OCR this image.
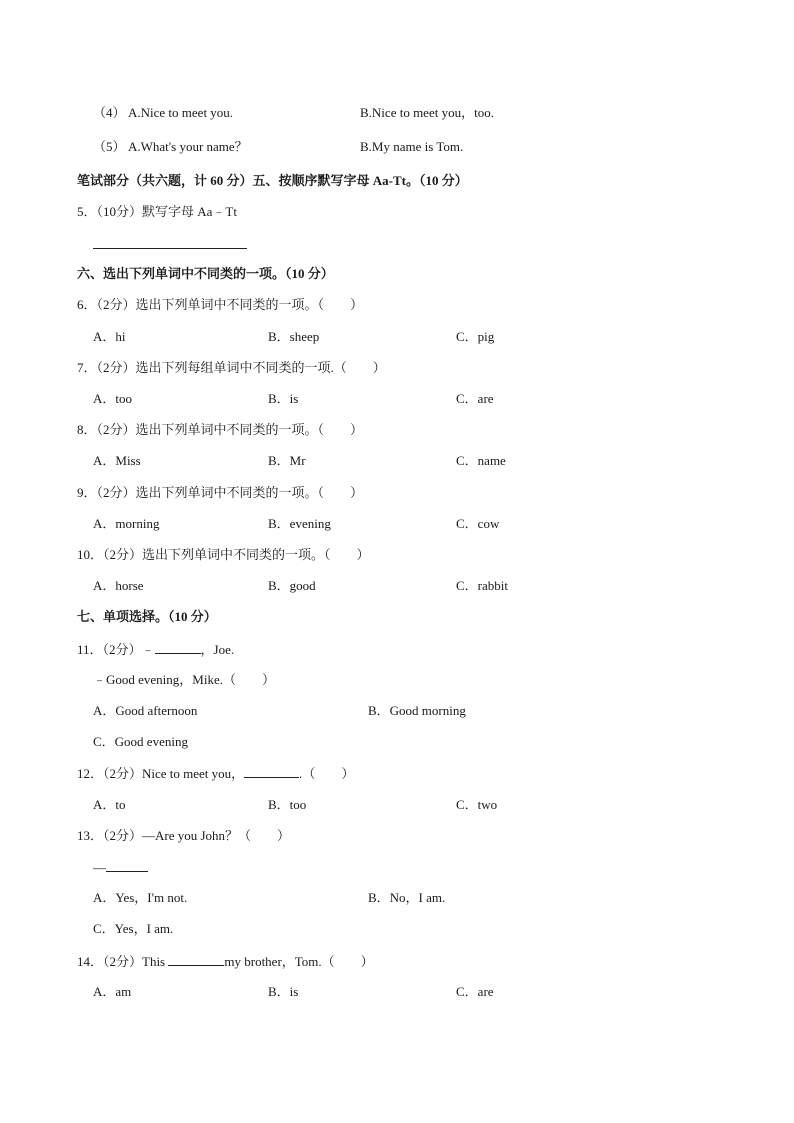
（4） A.Nice to meet you.	B.Nice to meet you，too.
（5） A.What's your name？	B.My name is Tom.
笔试部分（共六题，计 60 分）五、按顺序默写字母 Aa-Tt。（10 分）
5．（10分）默写字母 Aa﹣Tt
六、选出下列单词中不同类的一项。（10 分）
6．（2分）选出下列单词中不同类的一项。（　　）
A．hi	B．sheep	C．pig
7．（2分）选出下列每组单词中不同类的一项.（　　）
A．too	B．is	C．are
8．（2分）选出下列单词中不同类的一项。（　　）
A．Miss	B．Mr	C．name
9．（2分）选出下列单词中不同类的一项。（　　）
A．morning	B．evening	C．cow
10．（2分）选出下列单词中不同类的一项。（　　）
A．horse	B．good	C．rabbit
七、单项选择。（10 分）
11．（2分）﹣	，Joe.
﹣Good evening，Mike.（　　）
A．Good afternoon	B．Good morning
C．Good evening
12．（2分）Nice to meet you，	.（　　）
A．to	B．too	C．two
13．（2分）—Are you John？（　　）
—
A．Yes，I'm not.	B．No，I am.
C．Yes，I am.
14．（2分）This	my brother，Tom.（　　）
A．am	B．is	C．are
